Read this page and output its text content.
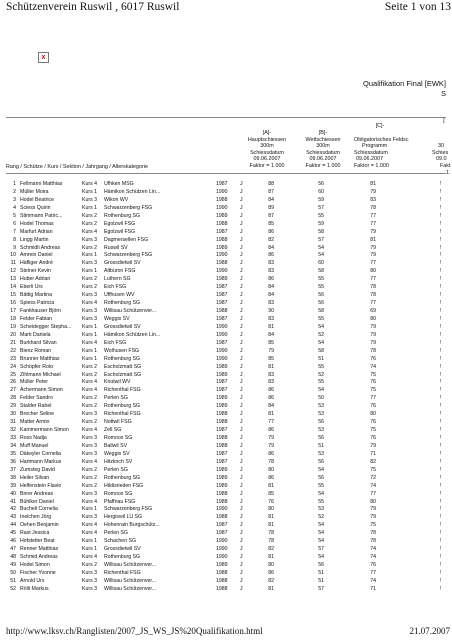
Schützenverein Ruswil , 6017 Ruswil	Seite 1 von 13
x
Qualifikation Final [EWK]
S
[C]-
[
[A]-
Hauptschiessen
300m
Schiessdatum
09.06.2007
Faktor = 1.000
[B]-
Wettschiessen
300m
Schiessdatum
09.06.2007
Faktor = 1.000
Obligatorisches Feldsc
Programm
Schiessdatum
09.06.2007
Faktor = 1.000
30
Schies
09.0
Fakt
1.
Rang / Schütze / Kurs / Sektion / Jahrgang / Alterskategorie
1 Fellmann Matthias	Kurs 4	Ufhken MSG	1987	J	88	56	81	!
2 Müller Moira	Kurs 1	Hämikon Schützen Lin...	1990	J	87	60	79	!
3 Hodel Beatrice	Kurs 3	Wikon WV	1988	J	84	59	83	!
4 Sciess Quirin	Kurs 1	Schwarzenberg FSG	1990	J	89	57	78	!
5 Stimmann Patric...	Kurs 2	Rothenburg SG	1989	J	87	55	77	!
6 Hodel Thomas	Kurs 2	Egolzwil FSG	1988	J	85	59	77	!
7 Marfurt Adrian	Kurs 4	Egolzwil FSG	1987	J	86	58	79	!
8 Lingg Martin	Kurs 3	Dagmersellen FSG	1988	J	82	57	81	!
9 Schmidli Andreas	Kurs 2	Ruswil SV	1989	J	84	54	79	!
10 Amrein Daniel	Kurs 1	Schwarzenberg FSG	1990	J	86	54	79	!
11 Häfliger André	Kurs 3	Grossdietwil SV	1988	J	83	60	77	!
12 Steiner Kevin	Kurs 1	Altbüron FSG	1990	J	83	58	80	!
13 Huber Adrian	Kurs 2	Luthern SG	1989	J	86	55	77	!
14 Eberli Urs	Kurs 2	Eich FSG	1987	J	84	55	78	!
15 Bättig Martina	Kurs 3	Uffhusen WV	1987	J	84	56	78	!
16 Spiess Patricia	Kurs 4	Rothenburg SG	1987	J	83	56	77	!
17 Fankhauser Björn	Kurs 3	Willisau Schützenver...	1988	J	90	58	69	!
18 Felder Fabian	Kurs 3	Weggis SV	1987	J	83	55	80	!
19 Scheidegger Stepha...	Kurs 1	Grossdietwil SV	1990	J	81	54	79	!
20 Marti Daniela	Kurs 1	Hämikon Schützen Lin...	1990	J	84	52	79	!
21 Burkhard Silvan	Kurs 4	Eich FSG	1987	J	85	54	79	!
22 Bienz Roman	Kurs 1	Wolhusen FSG	1990	J	79	58	78	!
23 Brunner Matthias	Kurs 1	Rothenburg SG	1990	J	85	51	76	!
24 Schöpfer Roto	Kurs 2	Escholzmatt SG	1989	J	81	55	74	!
25 Zihlmann Michael	Kurs 2	Escholzmatt SG	1989	J	83	52	75	!
26 Müller Peter	Kurs 4	Knutwil WV	1987	J	83	55	76	!
27 Achermann Simon	Kurs 4	Richenthal FSG	1987	J	86	54	75	!
28 Felder Sandro	Kurs 2	Perlen SG	1989	J	86	50	77	!
29 Stalder Rahel	Kurs 2	Rothenburg SG	1989	J	84	53	76	!
30 Brecher Seline	Kurs 3	Richenthal FSG	1988	J	81	53	80	!
31 Matter Armin	Kurs 2	Nottwil FSG	1988	J	77	56	76	!
32 Kammermann Simon	Kurs 4	Zell SG	1987	J	86	53	75	!
33 Ross Nadja	Kurs 3	Romoos SG	1988	J	79	56	76	!
34 Muff Manuel	Kurs 3	Ballwil SV	1988	J	79	51	79	!
35 Dätwyler Cornelia	Kurs 3	Weggis SV	1987	J	86	53	71	!
36 Hartmann Markus	Kurs 4	Hitzkirch SV	1987	J	78	56	82	!
37 Zumsteg David	Kurs 2	Perlen SG	1989	J	80	54	75	!
38 Heiler Silvan	Kurs 2	Rothenburg SG	1989	J	86	56	72	!
39 Helfenstein Flavio	Kurs 2	Hildisrieden FSG	1989	J	81	55	74	!
40 Birrer Andreas	Kurs 3	Romoos SG	1988	J	85	54	77	!
41 Bühlker Daniel	Kurs 4	Pfaffnau FSG	1988	J	76	55	80	!
42 Bucheli Cornelia	Kurs 1	Schwarzenberg FSG	1990	J	80	53	79	!
43 Inelchen Jörg	Kurs 3	Hergiswil LU SG	1988	J	81	52	79	!
44 Oehen Benjamin	Kurs 4	Hohenrain Burgschütz...	1987	J	81	54	75	!
45 Rast Jessica	Kurs 4	Perlen SG	1987	J	78	54	78	!
46 Hofstetter Beat	Kurs 1	Schachen SG	1990	J	78	54	78	!
47 Renner Matthias	Kurs 1	Grossdietwil SV	1990	J	82	57	74	!
48 Schmid Andreas	Kurs 4	Rothenburg SG	1990	J	81	54	74	!
49 Hodel Simon	Kurs 2	Willisau Schützenver...	1989	J	80	56	76	!
50 Fischer Yvonne	Kurs 3	Richenthal FSG	1988	J	86	51	77	!
51 Arnold Urs	Kurs 3	Willisau Schützenver...	1988	J	82	51	74	!
52 Rölli Markus	Kurs 3	Willisau Schützenver...	1988	J	81	57	71	!
http://www.lksv.ch/Ranglisten/2007_JS_WS_JS%20Qualifikation.html	21.07.2007
